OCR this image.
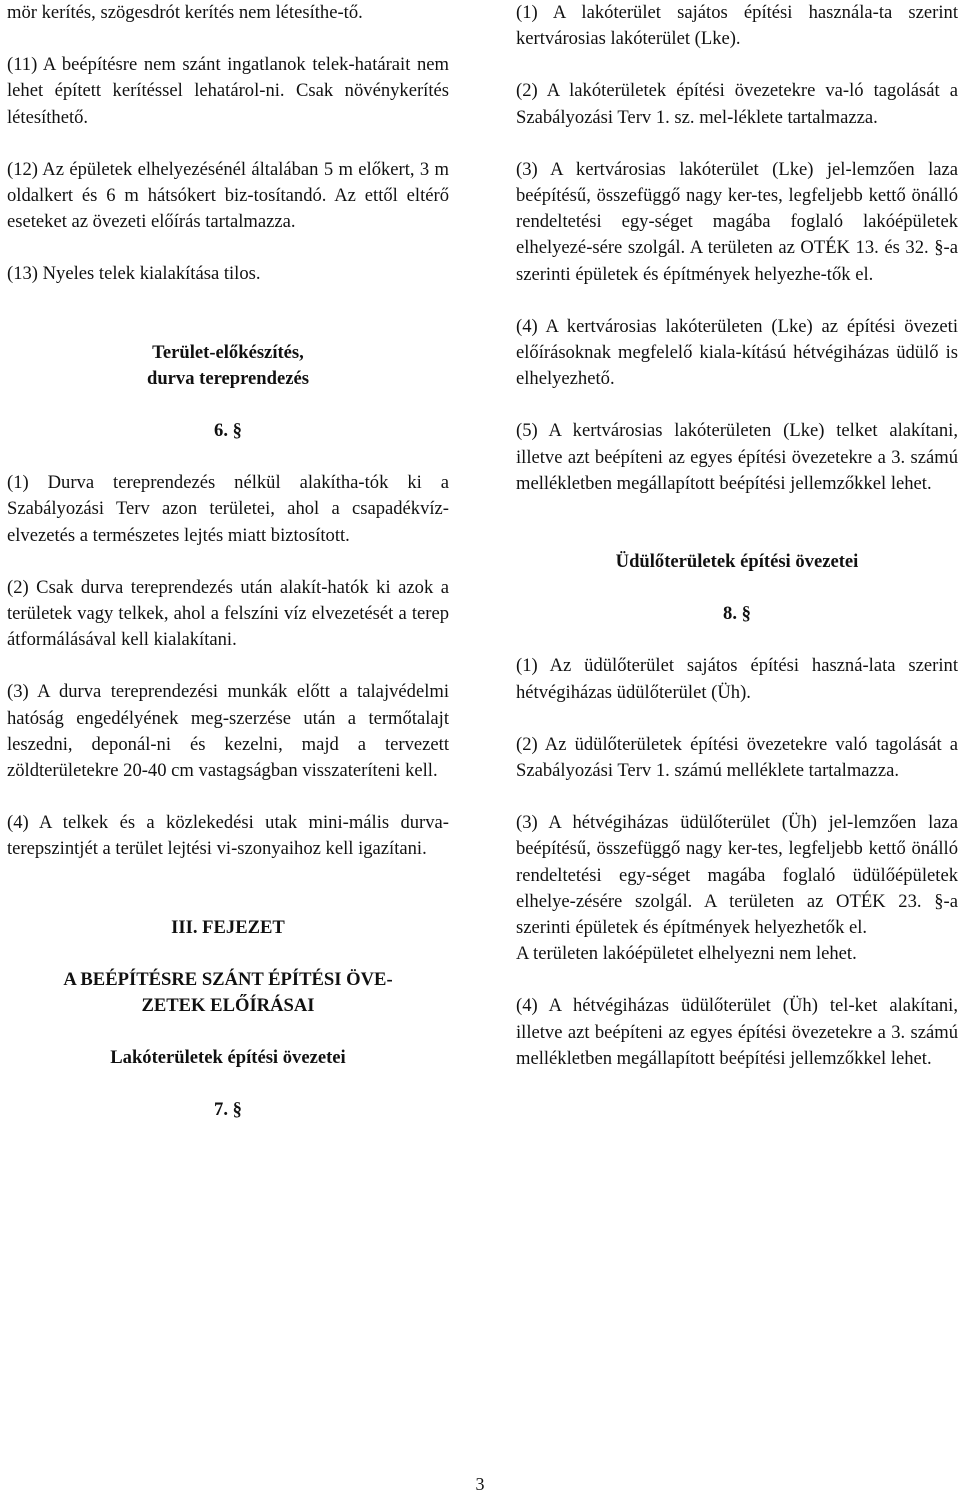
mör kerítés, szögesdrót kerítés nem létesíthe-tő.

(11) A beépítésre nem szánt ingatlanok telek-határait nem lehet épített kerítéssel lehatárol-ni. Csak növénykerítés létesíthető.

(12) Az épületek elhelyezésénél általában 5 m előkert, 3 m oldalkert és 6 m hátsókert biz-tosítandó. Az ettől eltérő eseteket az övezeti előírás tartalmazza.

(13) Nyeles telek kialakítása tilos.

Terület-előkészítés,
durva tereprendezés

6. §

(1) Durva tereprendezés nélkül alakítha-tók ki a Szabályozási Terv azon területei, ahol a csapadékvíz-elvezetés a természetes lejtés miatt biztosított.

(2) Csak durva tereprendezés után alakít-hatók ki azok a területek vagy telkek, ahol a felszíni víz elvezetését a terep átformálásával kell kialakítani.

(3) A durva tereprendezési munkák előtt a talajvédelmi hatóság engedélyének meg-szerzése után a termőtalajt leszedni, deponál-ni és kezelni, majd a tervezett zöldterületekre 20-40 cm vastagságban visszateríteni kell.

(4) A telkek és a közlekedési utak mini-mális durva-terepszintjét a terület lejtési vi-szonyaihoz kell igazítani.

III. FEJEZET

A BEÉPÍTÉSRE SZÁNT ÉPÍTÉSI ÖVE-
ZETEK ELŐÍRÁSAI

Lakóterületek építési övezetei

7. §

(1) A lakóterület sajátos építési használa-ta szerint kertvárosias lakóterület (Lke).

(2) A lakóterületek építési övezetekre va-ló tagolását a Szabályozási Terv 1. sz. mel-léklete tartalmazza.

(3) A kertvárosias lakóterület (Lke) jel-lemzően laza beépítésű, összefüggő nagy ker-tes, legfeljebb kettő önálló rendeltetési egy-séget magába foglaló lakóépületek elhelyezé-sére szolgál. A területen az OTÉK 13. és 32. §-a szerinti épületek és építmények helyezhe-tők el.

(4) A kertvárosias lakóterületen (Lke) az építési övezeti előírásoknak megfelelő kiala-kítású hétvégiházas üdülő is elhelyezhető.

(5) A kertvárosias lakóterületen (Lke) telket alakítani, illetve azt beépíteni az egyes építési övezetekre a 3. számú mellékletben megállapított beépítési jellemzőkkel lehet.

Üdülőterületek építési övezetei

8. §

(1) Az üdülőterület sajátos építési haszná-lata szerint hétvégiházas üdülőterület (Üh).

(2) Az üdülőterületek építési övezetekre való tagolását a Szabályozási Terv 1. számú melléklete tartalmazza.

(3) A hétvégiházas üdülőterület (Üh) jel-lemzően laza beépítésű, összefüggő nagy ker-tes, legfeljebb kettő önálló rendeltetési egy-séget magába foglaló üdülőépületek elhelye-zésére szolgál. A területen az OTÉK 23. §-a szerinti épületek és építmények helyezhetők el.

A területen lakóépületet elhelyezni nem lehet.

(4) A hétvégiházas üdülőterület (Üh) tel-ket alakítani, illetve azt beépíteni az egyes építési övezetekre a 3. számú mellékletben megállapított beépítési jellemzőkkel lehet.

3
